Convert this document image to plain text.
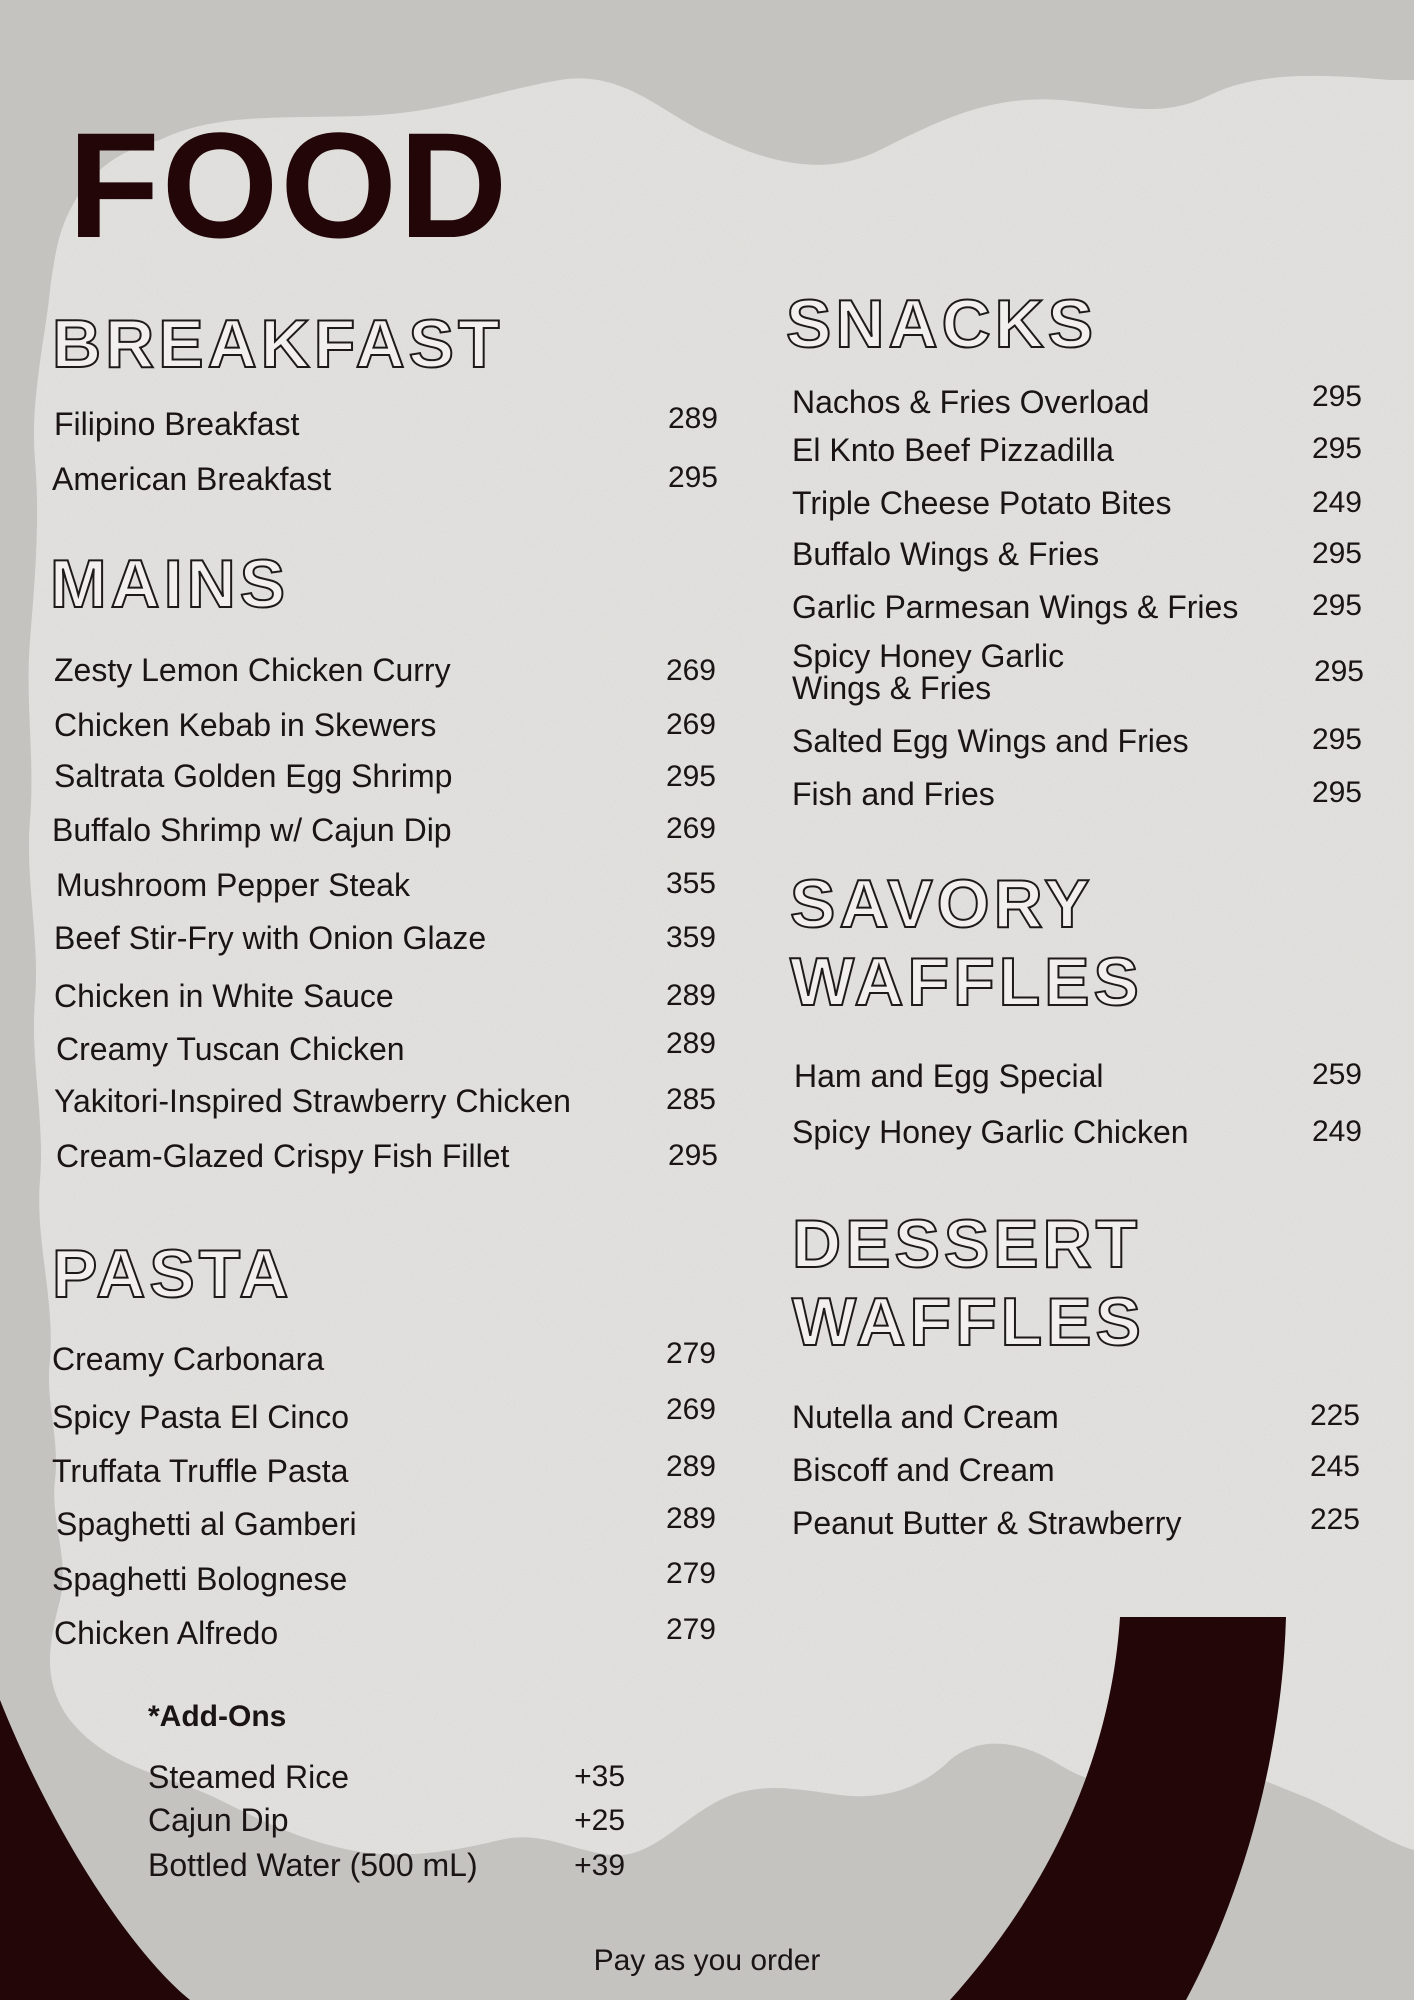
FOOD
BREAKFAST
Filipino Breakfast	289
American Breakfast	295
MAINS
Zesty Lemon Chicken Curry	269
Chicken Kebab in Skewers	269
Saltrata Golden Egg Shrimp	295
Buffalo Shrimp w/ Cajun Dip	269
Mushroom Pepper Steak	355
Beef Stir-Fry with Onion Glaze	359
Chicken in White Sauce	289
Creamy Tuscan Chicken	289
Yakitori-Inspired Strawberry Chicken	285
Cream-Glazed Crispy Fish Fillet	295
PASTA
Creamy Carbonara	279
Spicy Pasta El Cinco	269
Truffata Truffle Pasta	289
Spaghetti al Gamberi	289
Spaghetti Bolognese	279
Chicken Alfredo	279
SNACKS
Nachos & Fries Overload	295
El Knto Beef Pizzadilla	295
Triple Cheese Potato Bites	249
Buffalo Wings & Fries	295
Garlic Parmesan Wings & Fries	295
Spicy Honey Garlic Wings & Fries	295
Salted Egg Wings and Fries	295
Fish and Fries	295
SAVORY
WAFFLES
Ham and Egg Special	259
Spicy Honey Garlic Chicken	249
DESSERT
WAFFLES
Nutella and Cream	225
Biscoff and Cream	245
Peanut Butter & Strawberry	225
*Add-Ons
Steamed Rice	+35
Cajun Dip	+25
Bottled Water (500 mL)	+39
Pay as you order
